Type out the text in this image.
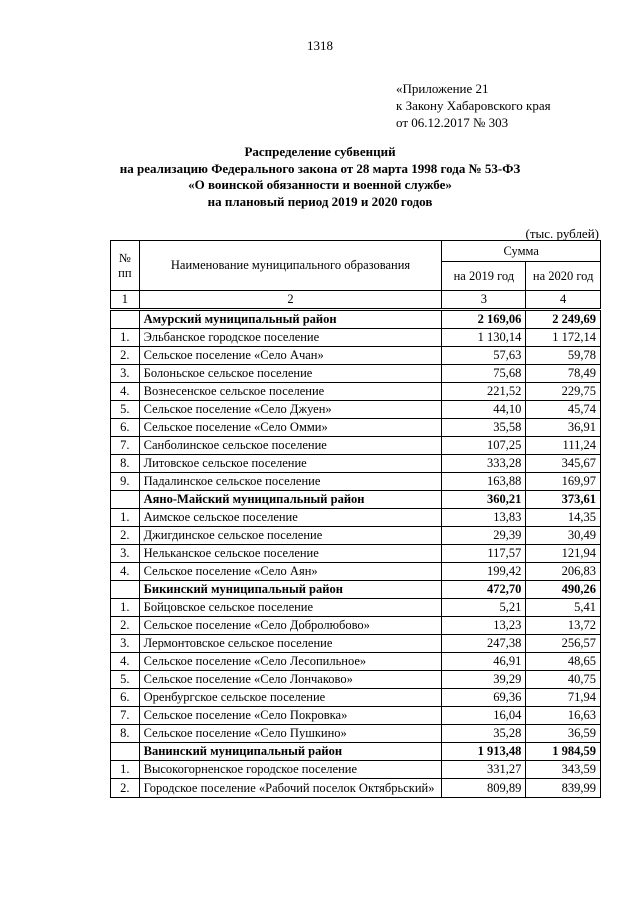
1318
«Приложение 21
к Закону Хабаровского края
от 06.12.2017 № 303
Распределение субвенций
на реализацию Федерального закона от 28 марта 1998 года № 53-ФЗ
«О воинской обязанности и военной службе»
на плановый период 2019 и 2020 годов
(тыс. рублей)
№
пп	Наименование муниципального образования	Сумма	
		на 2019 год	на 2020 год
1	2	3	4
	Амурский муниципальный район	2 169,06	2 249,69
1.	Эльбанское городское поселение	1 130,14	1 172,14
2.	Сельское поселение «Село Ачан»	57,63	59,78
3.	Болоньское сельское поселение	75,68	78,49
4.	Вознесенское сельское поселение	221,52	229,75
5.	Сельское поселение «Село Джуен»	44,10	45,74
6.	Сельское поселение «Село Омми»	35,58	36,91
7.	Санболинское сельское поселение	107,25	111,24
8.	Литовское сельское поселение	333,28	345,67
9.	Падалинское сельское поселение	163,88	169,97
	Аяно-Майский муниципальный район	360,21	373,61
1.	Аимское сельское поселение	13,83	14,35
2.	Джигдинское сельское поселение	29,39	30,49
3.	Нельканское сельское поселение	117,57	121,94
4.	Сельское поселение «Село Аян»	199,42	206,83
	Бикинский муниципальный район	472,70	490,26
1.	Бойцовское сельское поселение	5,21	5,41
2.	Сельское поселение «Село Добролюбово»	13,23	13,72
3.	Лермонтовское сельское поселение	247,38	256,57
4.	Сельское поселение «Село Лесопильное»	46,91	48,65
5.	Сельское поселение «Село Лончаково»	39,29	40,75
6.	Оренбургское сельское поселение	69,36	71,94
7.	Сельское поселение «Село Покровка»	16,04	16,63
8.	Сельское поселение «Село Пушкино»	35,28	36,59
	Ванинский муниципальный район	1 913,48	1 984,59
1.	Высокогорненское городское поселение	331,27	343,59
2.	Городское поселение «Рабочий поселок Октябрьский»	809,89	839,99
